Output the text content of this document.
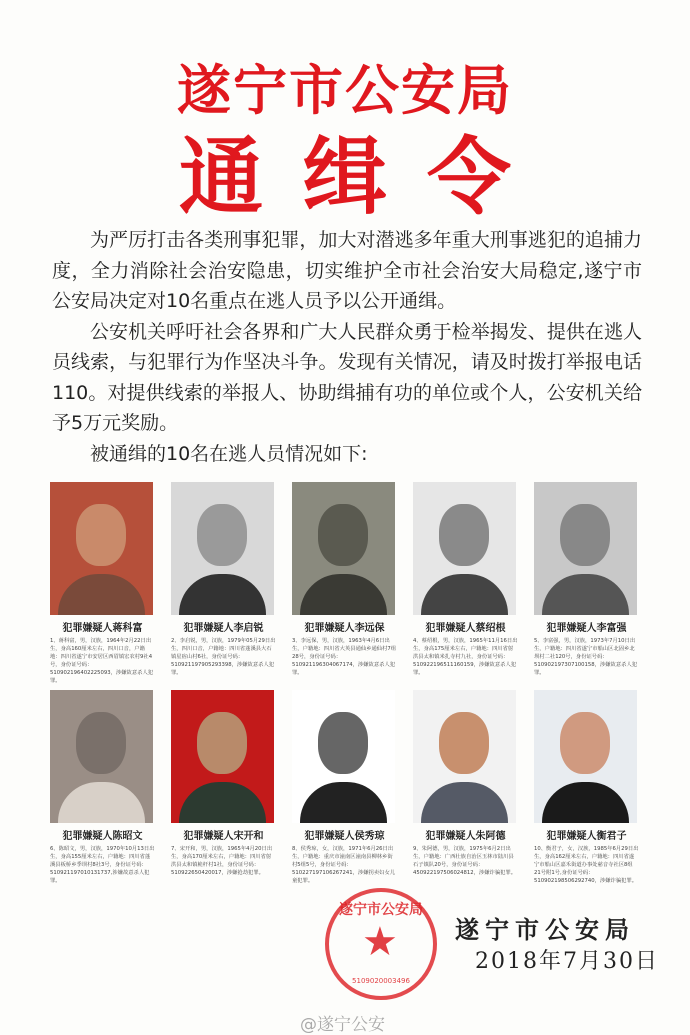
遂宁市公安局
通缉令

为严厉打击各类刑事犯罪，加大对潜逃多年重大刑事逃犯的追捕力度，全力消除社会治安隐患，切实维护全市社会治安大局稳定,遂宁市公安局决定对10名重点在逃人员予以公开通缉。

公安机关呼吁社会各界和广大人民群众勇于检举揭发、提供在逃人员线索，与犯罪行为作坚决斗争。发现有关情况，请及时拨打举报电话110。对提供线索的举报人、协助缉捕有功的单位或个人，公安机关给予5万元奖励。

被通缉的10名在逃人员情况如下:

犯罪嫌疑人蒋科富
1、蒋科富，男，汉族，1964年2月22日出生，身高160厘米左右，四川口音，户籍地：四川省遂宁市安居区西眉镇宏农村9社4号，身份证号码：510902196402225093，涉嫌故意杀人犯罪。
犯罪嫌疑人李启锐
2、李启锐，男，汉族，1979年05月29日出生，四川口音，户籍地：四川省蓬溪县大石镇星宿山村6社，身份证号码：510921197905293398，涉嫌故意杀人犯罪。
犯罪嫌疑人李远保
3、李远保，男，汉族，1963年4月6日出生，户籍地：四川省大英县通仙乡通仙村7组28号，身份证号码：510921196304067174，涉嫌故意杀人犯罪。
犯罪嫌疑人蔡绍根
4、蔡绍根，男，汉族，1965年11月16日出生，身高175厘米左右，户籍地：四川省射洪县太和镇米扎寺村九社，身份证号码：510922196511160159，涉嫌故意杀人犯罪。
犯罪嫌疑人李富强
5、李富强，男，汉族，1973年7月10日出生，户籍地：四川省遂宁市船山区北固乡北坝村二社120号，身份证号码：510902197307100158，涉嫌故意杀人犯罪。
犯罪嫌疑人陈昭文
6、陈昭文，男，汉族，1970年10月13日出生，身高155厘米左右，户籍地：四川省蓬溪县板桥乡季坝村8社3号，身份证号码：510921197010131737,涉嫌故意杀人犯罪。
犯罪嫌疑人宋开和
7、宋开和，男，汉族，1965年4月20日出生，身高170厘米左右，户籍地：四川省射洪县太和镇桅杆村1社，身份证号码：510922650420017，涉嫌抢劫犯罪。
犯罪嫌疑人侯秀琼
8、侯秀琼，女，汉族，1971年6月26日出生，户籍地：重庆市潼南区潼南县柳林乡街村5组5号，身份证号码：510227197106267241，涉嫌拐卖妇女儿童犯罪。
犯罪嫌疑人朱阿德
9、朱阿德，男，汉族，1975年6月2日出生，户籍地：广西壮族自治区玉林市陆川县石子镇队20号，身份证号码：450922197506024812，涉嫌诈骗犯罪。
犯罪嫌疑人衡君子
10、衡君子，女，汉族，1985年6月29日出生，身高162厘米左右，户籍地：四川省遂宁市船山区嘉禾街道办事处慈音寺社区8组21号附1号,身份证号码：510902198506292740，涉嫌诈骗犯罪。
遂宁市公安局
★
5109020003496
遂宁市公安局
2018年7月30日
@遂宁公安
